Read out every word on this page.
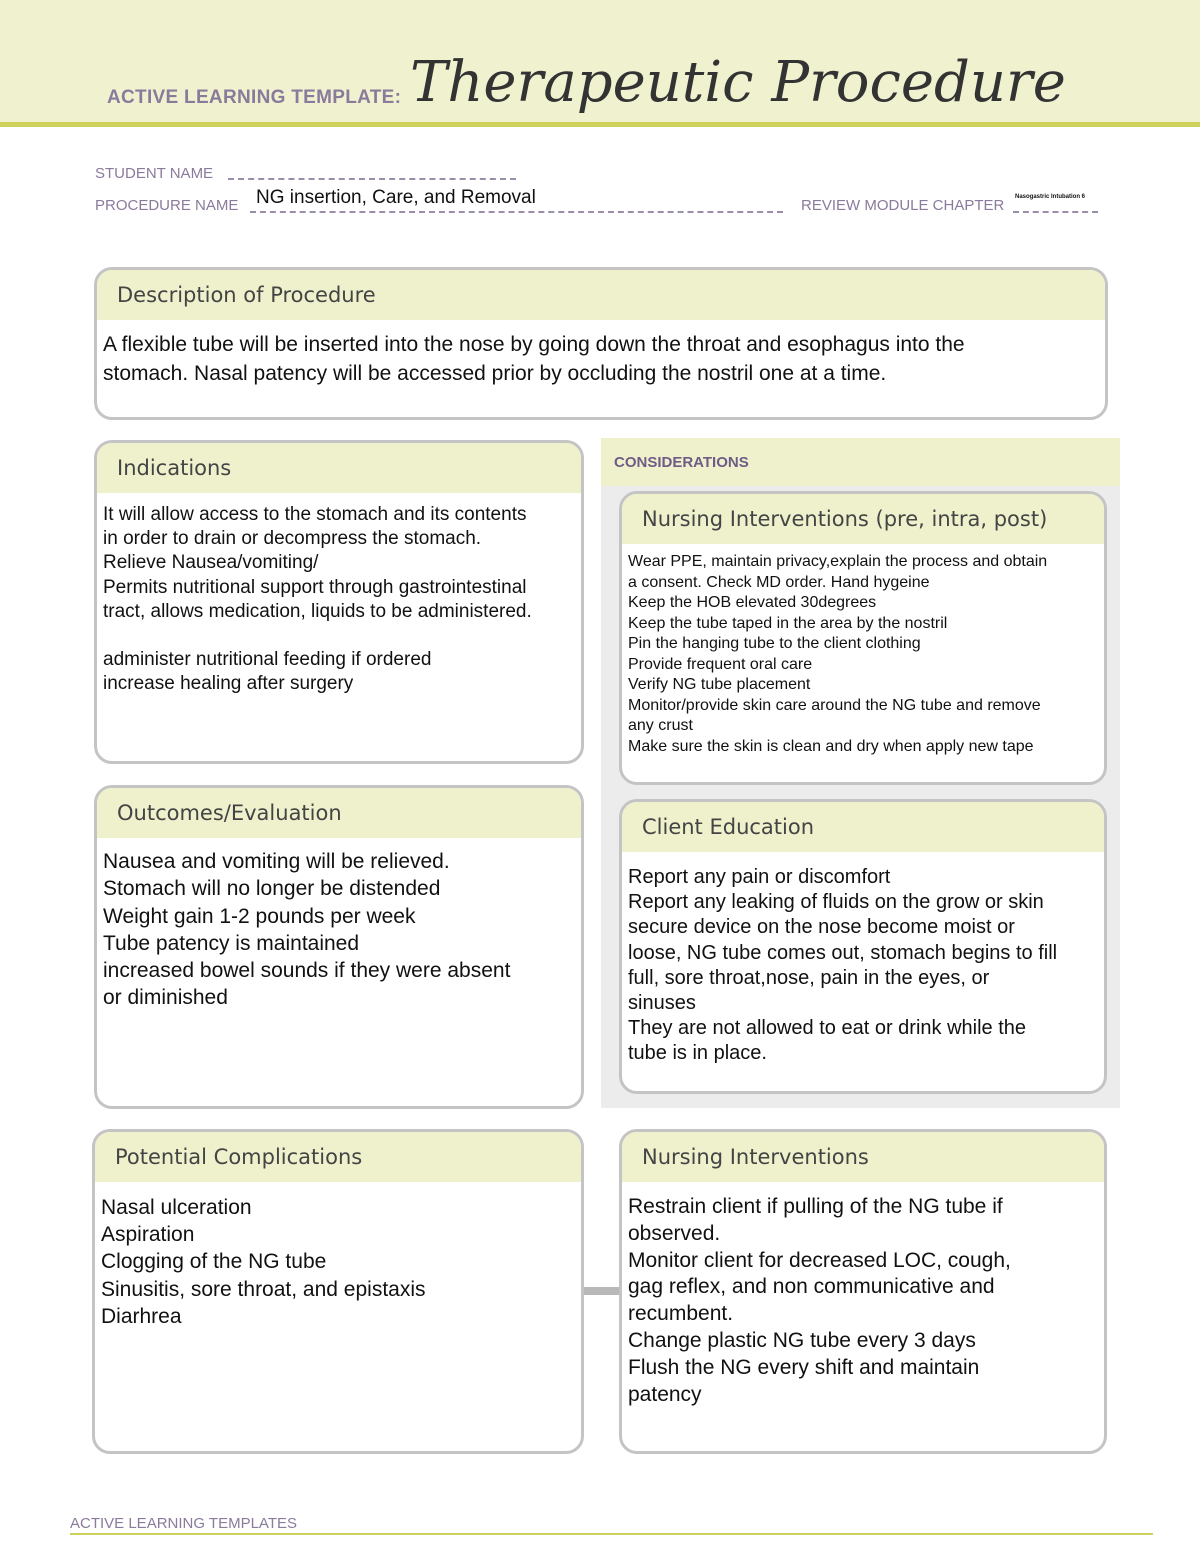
ACTIVE LEARNING TEMPLATE: Therapeutic Procedure
STUDENT NAME
PROCEDURE NAME NG insertion, Care, and Removal	REVIEW MODULE CHAPTER Nasogastric Intubation 6
Description of Procedure
A flexible tube will be inserted into the nose by going down the throat and esophagus into the
stomach. Nasal patency will be accessed prior by occluding the nostril one at a time.
Indications
It will allow access to the stomach and its contents
in order to drain or decompress the stomach.
Relieve Nausea/vomiting/
Permits nutritional support through gastrointestinal
tract, allows medication, liquids to be administered.
administer nutritional feeding if ordered
increase healing after surgery
Outcomes/Evaluation
Nausea and vomiting will be relieved.
Stomach will no longer be distended
Weight gain 1-2 pounds per week
Tube patency is maintained
increased bowel sounds if they were absent
or diminished
CONSIDERATIONS
Nursing Interventions (pre, intra, post)
Wear PPE, maintain privacy,explain the process and obtain
a consent. Check MD order. Hand hygeine
Keep the HOB elevated 30degrees
Keep the tube taped in the area by the nostril
Pin the hanging tube to the client clothing
Provide frequent oral care
Verify NG tube placement
Monitor/provide skin care around the NG tube and remove
any crust
Make sure the skin is clean and dry when apply new tape
Client Education
Report any pain or discomfort
Report any leaking of fluids on the grow or skin
secure device on the nose become moist or
loose, NG tube comes out, stomach begins to fill
full, sore throat,nose, pain in the eyes, or
sinuses
They are not allowed to eat or drink while the
tube is in place.
Potential Complications
Nasal ulceration
Aspiration
Clogging of the NG tube
Sinusitis, sore throat, and epistaxis
Diarhrea
Nursing Interventions
Restrain client if pulling of the NG tube if
observed.
Monitor client for decreased LOC, cough,
gag reflex, and non communicative and
recumbent.
Change plastic NG tube every 3 days
Flush the NG every shift and maintain
patency
ACTIVE LEARNING TEMPLATES
